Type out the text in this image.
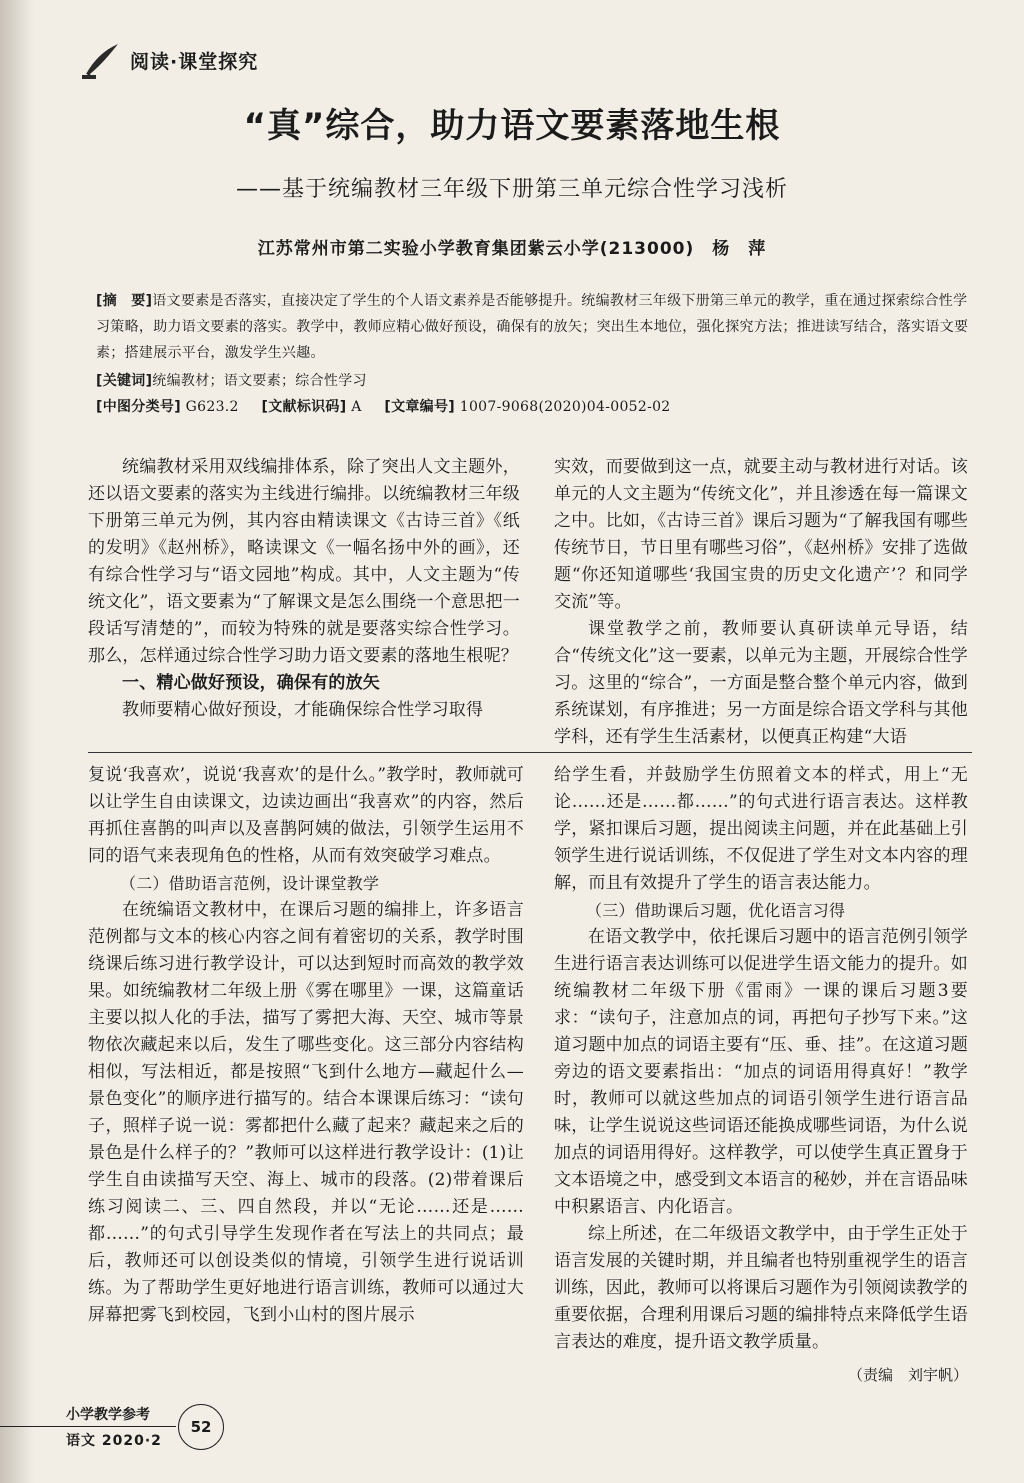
阅读·课堂探究
“真”综合，助力语文要素落地生根
——基于统编教材三年级下册第三单元综合性学习浅析
江苏常州市第二实验小学教育集团紫云小学(213000)　杨　萍
[摘　要]语文要素是否落实，直接决定了学生的个人语文素养是否能够提升。统编教材三年级下册第三单元的教学，重在通过探索综合性学习策略，助力语文要素的落实。教学中，教师应精心做好预设，确保有的放矢；突出生本地位，强化探究方法；推进读写结合，落实语文要素；搭建展示平台，激发学生兴趣。
[关键词]统编教材；语文要素；综合性学习
[中图分类号] G623.2 [文献标识码] A [文章编号] 1007-9068(2020)04-0052-02

统编教材采用双线编排体系，除了突出人文主题外，还以语文要素的落实为主线进行编排。以统编教材三年级下册第三单元为例，其内容由精读课文《古诗三首》《纸的发明》《赵州桥》，略读课文《一幅名扬中外的画》，还有综合性学习与“语文园地”构成。其中，人文主题为“传统文化”，语文要素为“了解课文是怎么围绕一个意思把一段话写清楚的”，而较为特殊的就是要落实综合性学习。那么，怎样通过综合性学习助力语文要素的落地生根呢？

一、精心做好预设，确保有的放矢

教师要精心做好预设，才能确保综合性学习取得

实效，而要做到这一点，就要主动与教材进行对话。该单元的人文主题为“传统文化”，并且渗透在每一篇课文之中。比如，《古诗三首》课后习题为“了解我国有哪些传统节日，节日里有哪些习俗”，《赵州桥》安排了选做题“你还知道哪些‘我国宝贵的历史文化遗产’？和同学交流”等。

课堂教学之前，教师要认真研读单元导语，结合“传统文化”这一要素，以单元为主题，开展综合性学习。这里的“综合”，一方面是整合整个单元内容，做到系统谋划，有序推进；另一方面是综合语文学科与其他学科，还有学生生活素材，以便真正构建“大语

复说‘我喜欢’，说说‘我喜欢’的是什么。”教学时，教师就可以让学生自由读课文，边读边画出“我喜欢”的内容，然后再抓住喜鹊的叫声以及喜鹊阿姨的做法，引领学生运用不同的语气来表现角色的性格，从而有效突破学习难点。

（二）借助语言范例，设计课堂教学

在统编语文教材中，在课后习题的编排上，许多语言范例都与文本的核心内容之间有着密切的关系，教学时围绕课后练习进行教学设计，可以达到短时而高效的教学效果。如统编教材二年级上册《雾在哪里》一课，这篇童话主要以拟人化的手法，描写了雾把大海、天空、城市等景物依次藏起来以后，发生了哪些变化。这三部分内容结构相似，写法相近，都是按照“飞到什么地方—藏起什么—景色变化”的顺序进行描写的。结合本课课后练习：“读句子，照样子说一说：雾都把什么藏了起来？藏起来之后的景色是什么样子的？”教师可以这样进行教学设计：(1)让学生自由读描写天空、海上、城市的段落。(2)带着课后练习阅读二、三、四自然段，并以“无论……还是……都……”的句式引导学生发现作者在写法上的共同点；最后，教师还可以创设类似的情境，引领学生进行说话训练。为了帮助学生更好地进行语言训练，教师可以通过大屏幕把雾飞到校园，飞到小山村的图片展示

给学生看，并鼓励学生仿照着文本的样式，用上“无论……还是……都……”的句式进行语言表达。这样教学，紧扣课后习题，提出阅读主问题，并在此基础上引领学生进行说话训练，不仅促进了学生对文本内容的理解，而且有效提升了学生的语言表达能力。

（三）借助课后习题，优化语言习得

在语文教学中，依托课后习题中的语言范例引领学生进行语言表达训练可以促进学生语文能力的提升。如统编教材二年级下册《雷雨》一课的课后习题3要求：“读句子，注意加点的词，再把句子抄写下来。”这道习题中加点的词语主要有“压、垂、挂”。在这道习题旁边的语文要素指出：“加点的词语用得真好！”教学时，教师可以就这些加点的词语引领学生进行语言品味，让学生说说这些词语还能换成哪些词语，为什么说加点的词语用得好。这样教学，可以使学生真正置身于文本语境之中，感受到文本语言的秘妙，并在言语品味中积累语言、内化语言。

综上所述，在二年级语文教学中，由于学生正处于语言发展的关键时期，并且编者也特别重视学生的语言训练，因此，教师可以将课后习题作为引领阅读教学的重要依据，合理利用课后习题的编排特点来降低学生语言表达的难度，提升语文教学质量。

（责编　刘宇帆）
小学教学参考
语文 2020·2
52
